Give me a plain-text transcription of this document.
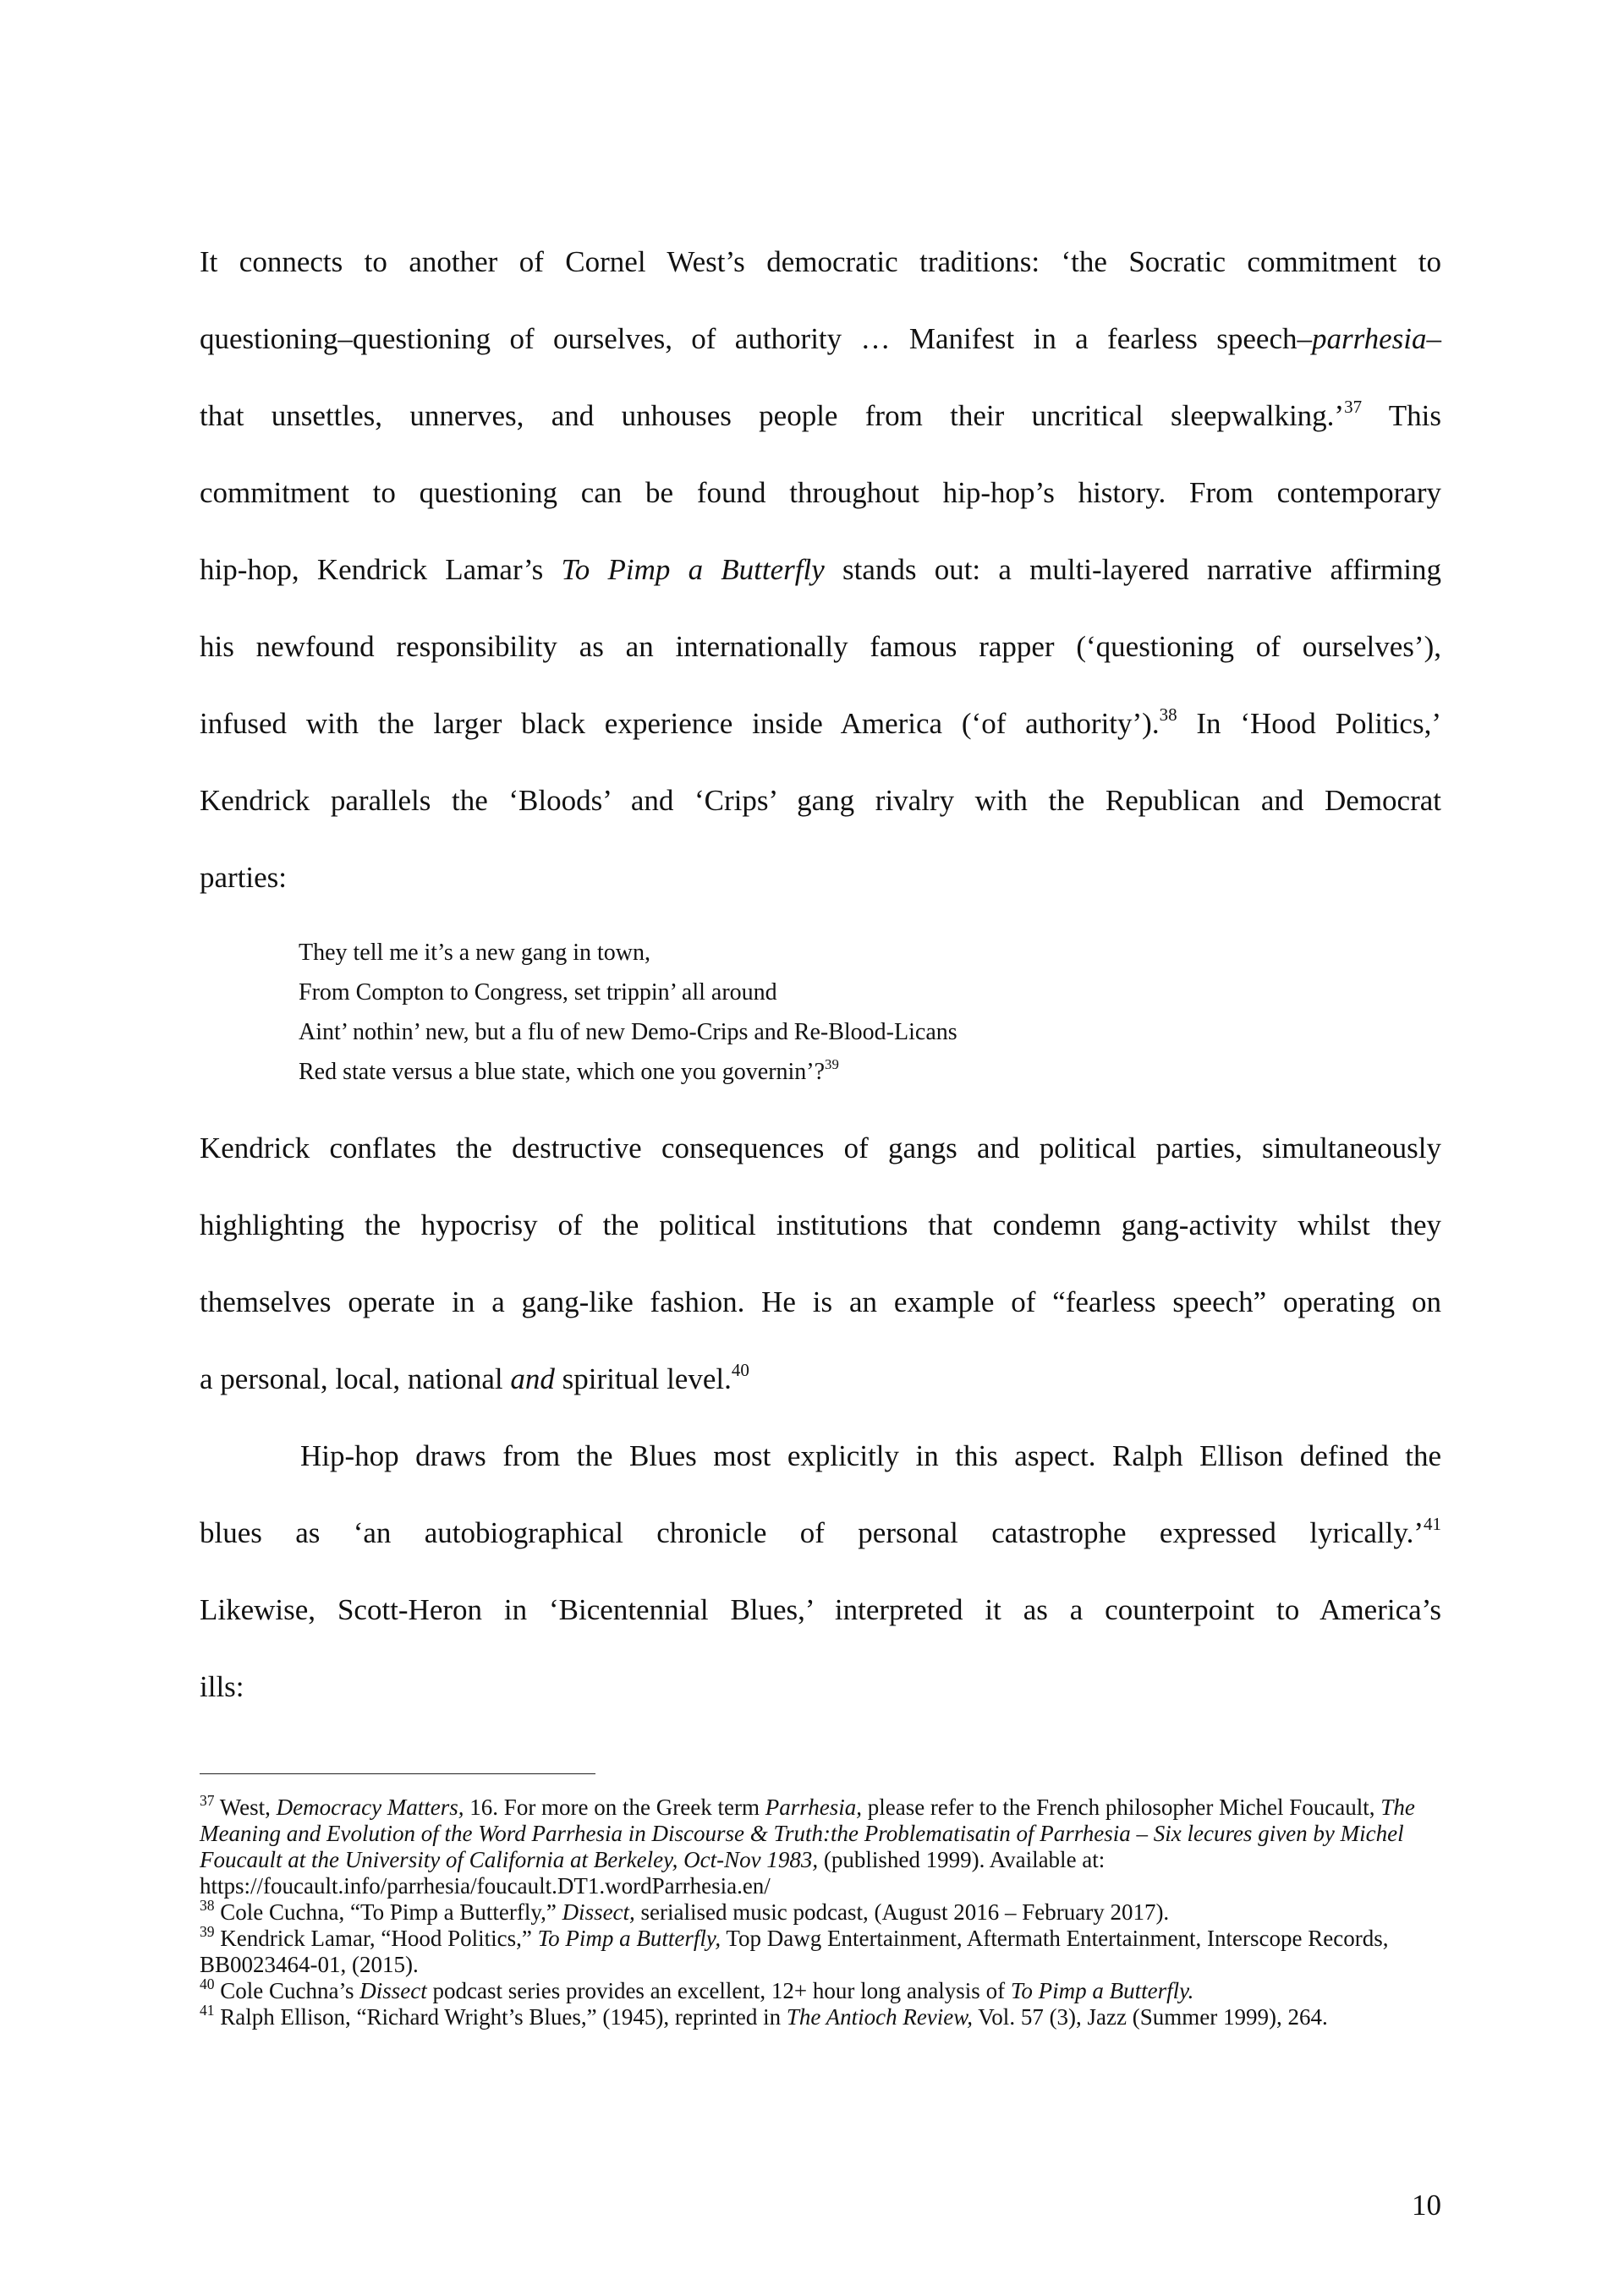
It connects to another of Cornel West’s democratic traditions: ‘the Socratic commitment to

questioning–questioning of ourselves, of authority … Manifest in a fearless speech–parrhesia–

that unsettles, unnerves, and unhouses people from their uncritical sleepwalking.’$^{37}$ This

commitment to questioning can be found throughout hip-hop’s history. From contemporary

hip-hop, Kendrick Lamar’s To Pimp a Butterfly stands out: a multi-layered narrative affirming

his newfound responsibility as an internationally famous rapper (‘questioning of ourselves’),

infused with the larger black experience inside America (‘of authority’).$^{38}$ In ‘Hood Politics,’

Kendrick parallels the ‘Bloods’ and ‘Crips’ gang rivalry with the Republican and Democrat

parties:

They tell me it’s a new gang in town,
From Compton to Congress, set trippin’ all around
Aint’ nothin’ new, but a flu of new Demo-Crips and Re-Blood-Licans
Red state versus a blue state, which one you governin’?$^{39}$

Kendrick conflates the destructive consequences of gangs and political parties, simultaneously

highlighting the hypocrisy of the political institutions that condemn gang-activity whilst they

themselves operate in a gang-like fashion. He is an example of “fearless speech” operating on

a personal, local, national and spiritual level.$^{40}$

Hip-hop draws from the Blues most explicitly in this aspect. Ralph Ellison defined the

blues as ‘an autobiographical chronicle of personal catastrophe expressed lyrically.’$^{41}$

Likewise, Scott-Heron in ‘Bicentennial Blues,’ interpreted it as a counterpoint to America’s

ills:

$^{37}$ West, Democracy Matters, 16. For more on the Greek term Parrhesia, please refer to the French philosopher Michel Foucault, The Meaning and Evolution of the Word Parrhesia in Discourse & Truth:the Problematisatin of Parrhesia – Six lecures given by Michel Foucault at the University of California at Berkeley, Oct-Nov 1983, (published 1999). Available at: https://foucault.info/parrhesia/foucault.DT1.wordParrhesia.en/

$^{38}$ Cole Cuchna, “To Pimp a Butterfly,” Dissect, serialised music podcast, (August 2016 – February 2017).

$^{39}$ Kendrick Lamar, “Hood Politics,” To Pimp a Butterfly, Top Dawg Entertainment, Aftermath Entertainment, Interscope Records, BB0023464-01, (2015).

$^{40}$ Cole Cuchna’s Dissect podcast series provides an excellent, 12+ hour long analysis of To Pimp a Butterfly.

$^{41}$ Ralph Ellison, “Richard Wright’s Blues,” (1945), reprinted in The Antioch Review, Vol. 57 (3), Jazz (Summer 1999), 264.

10
